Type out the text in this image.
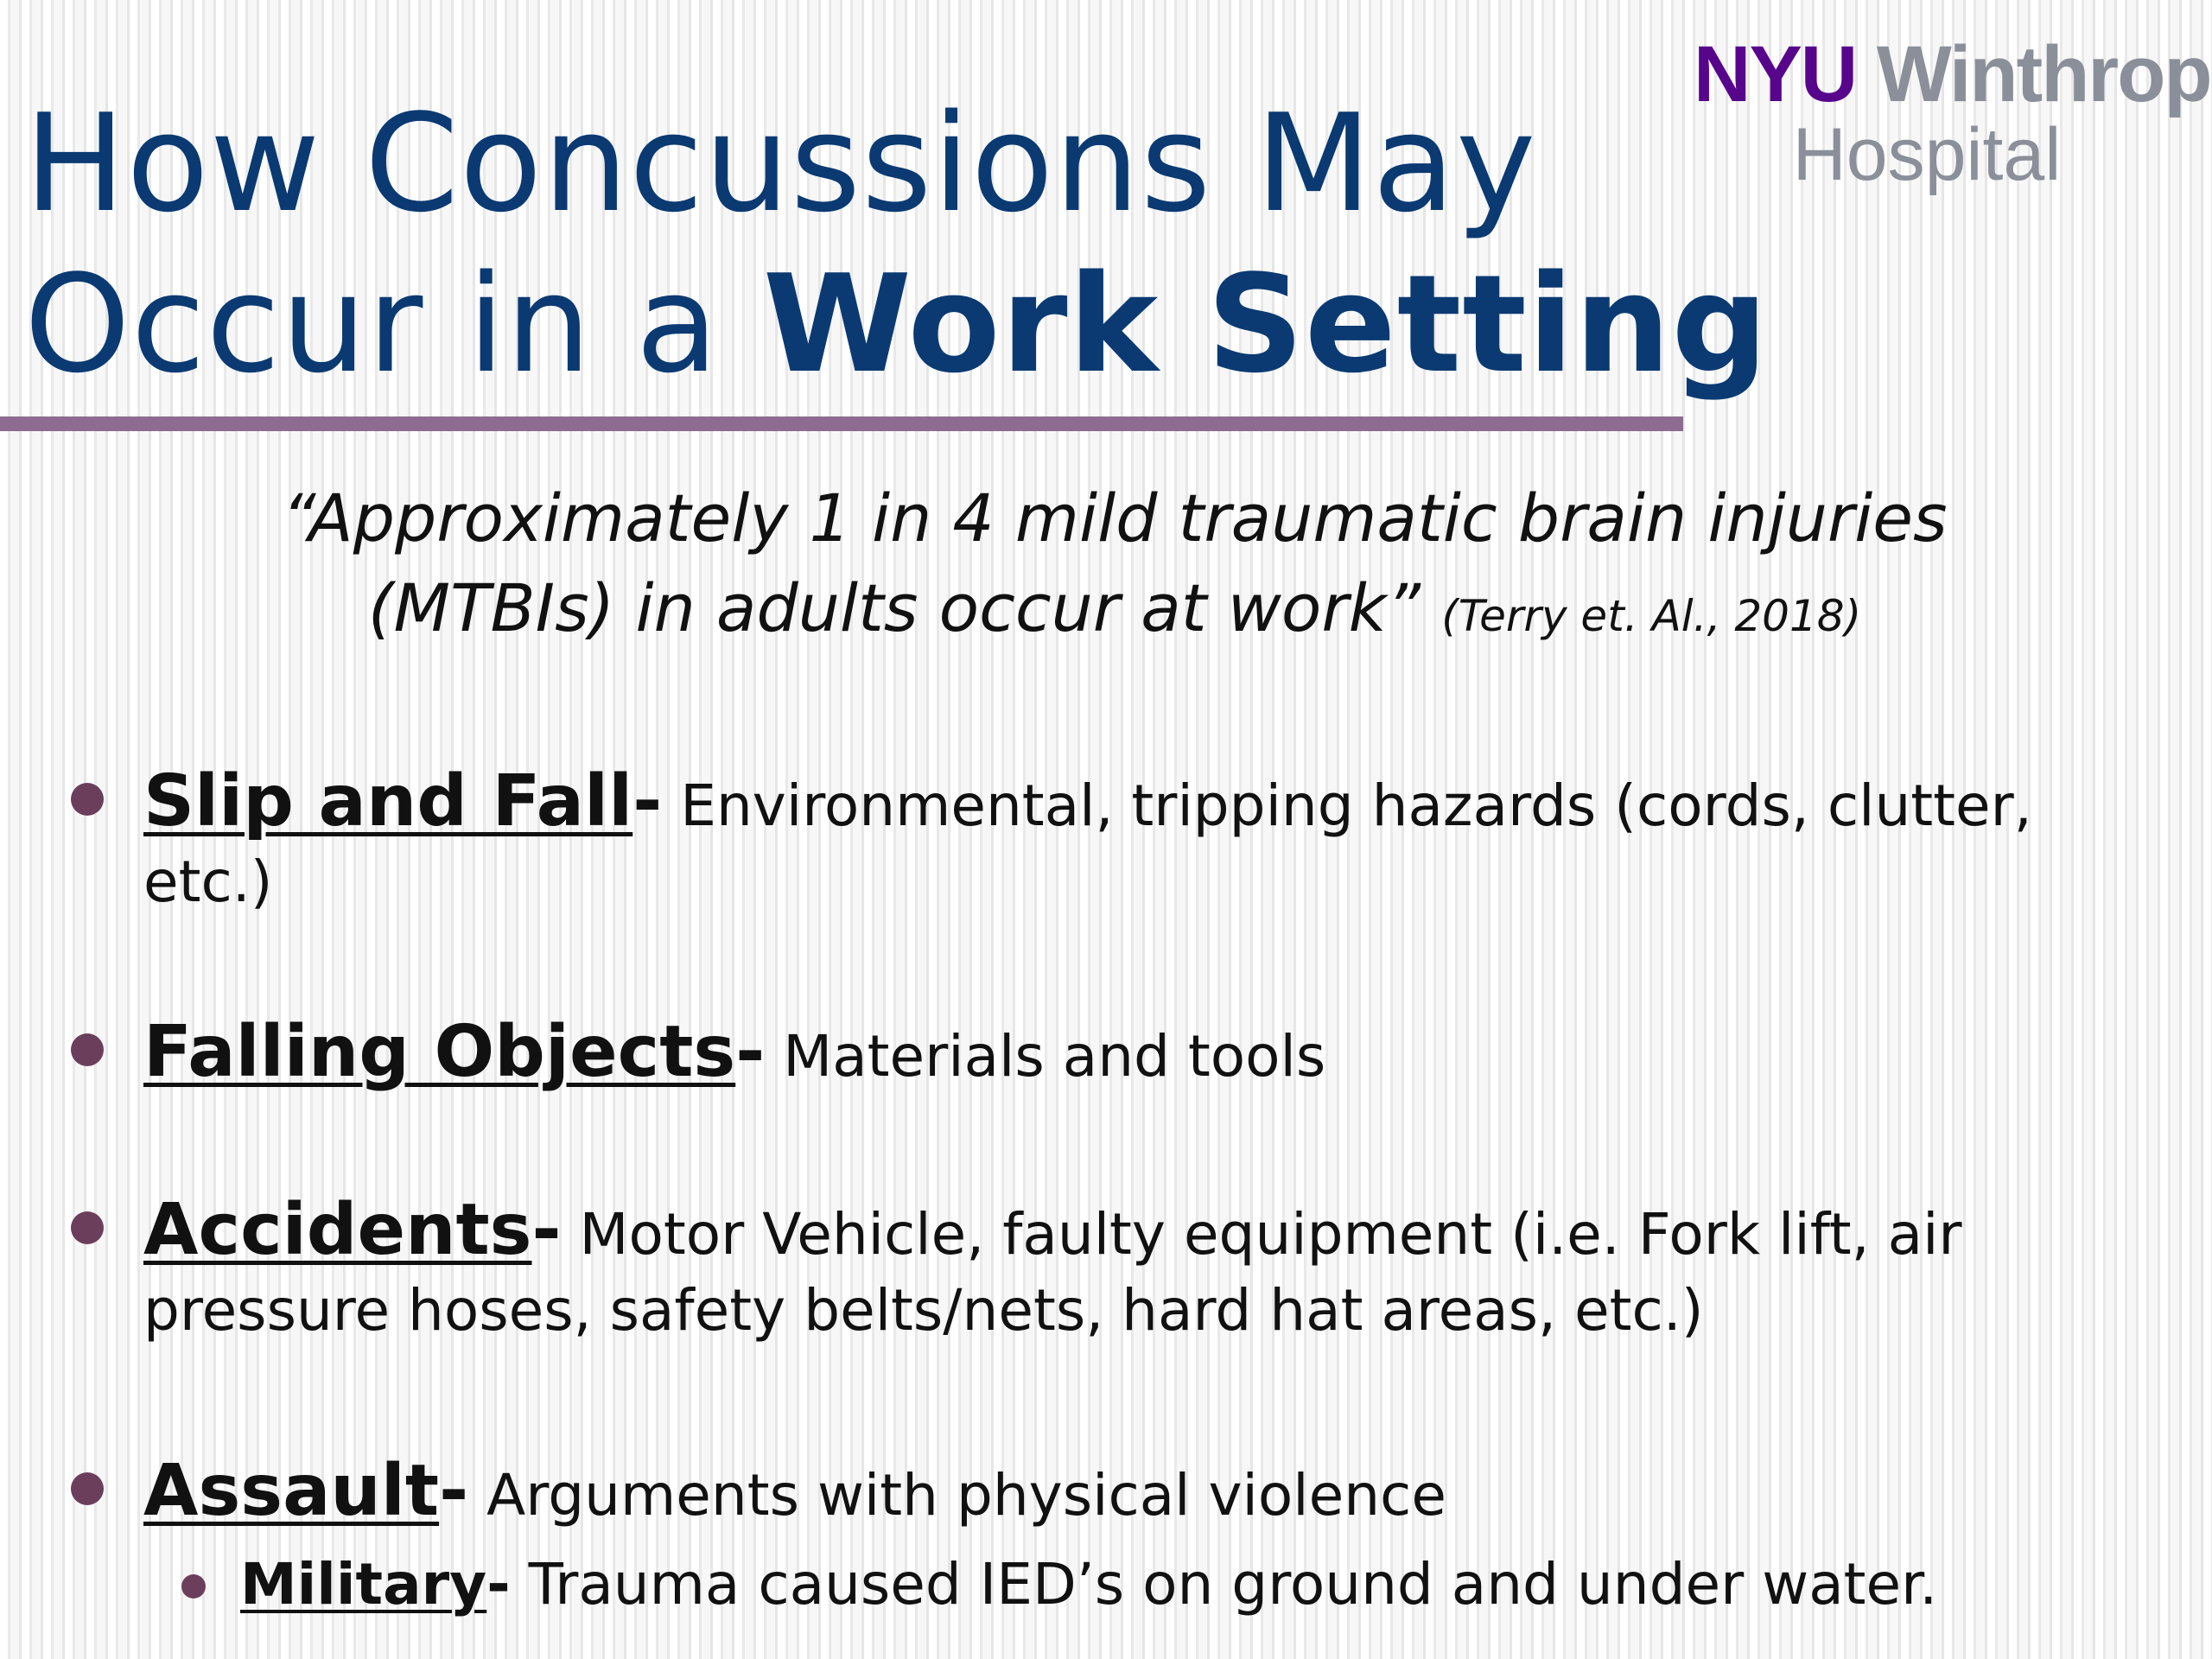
NYU Winthrop
Hospital
How Concussions May
Occur in a Work Setting
“Approximately 1 in 4 mild traumatic brain injuries
(MTBIs) in adults occur at work” (Terry et. Al., 2018)
Slip and Fall- Environmental, tripping hazards (cords, clutter, etc.)
Falling Objects- Materials and tools
Accidents- Motor Vehicle, faulty equipment (i.e. Fork lift, air pressure hoses, safety belts/nets, hard hat areas, etc.)
Assault- Arguments with physical violence
Military- Trauma caused IED’s on ground and under water.
